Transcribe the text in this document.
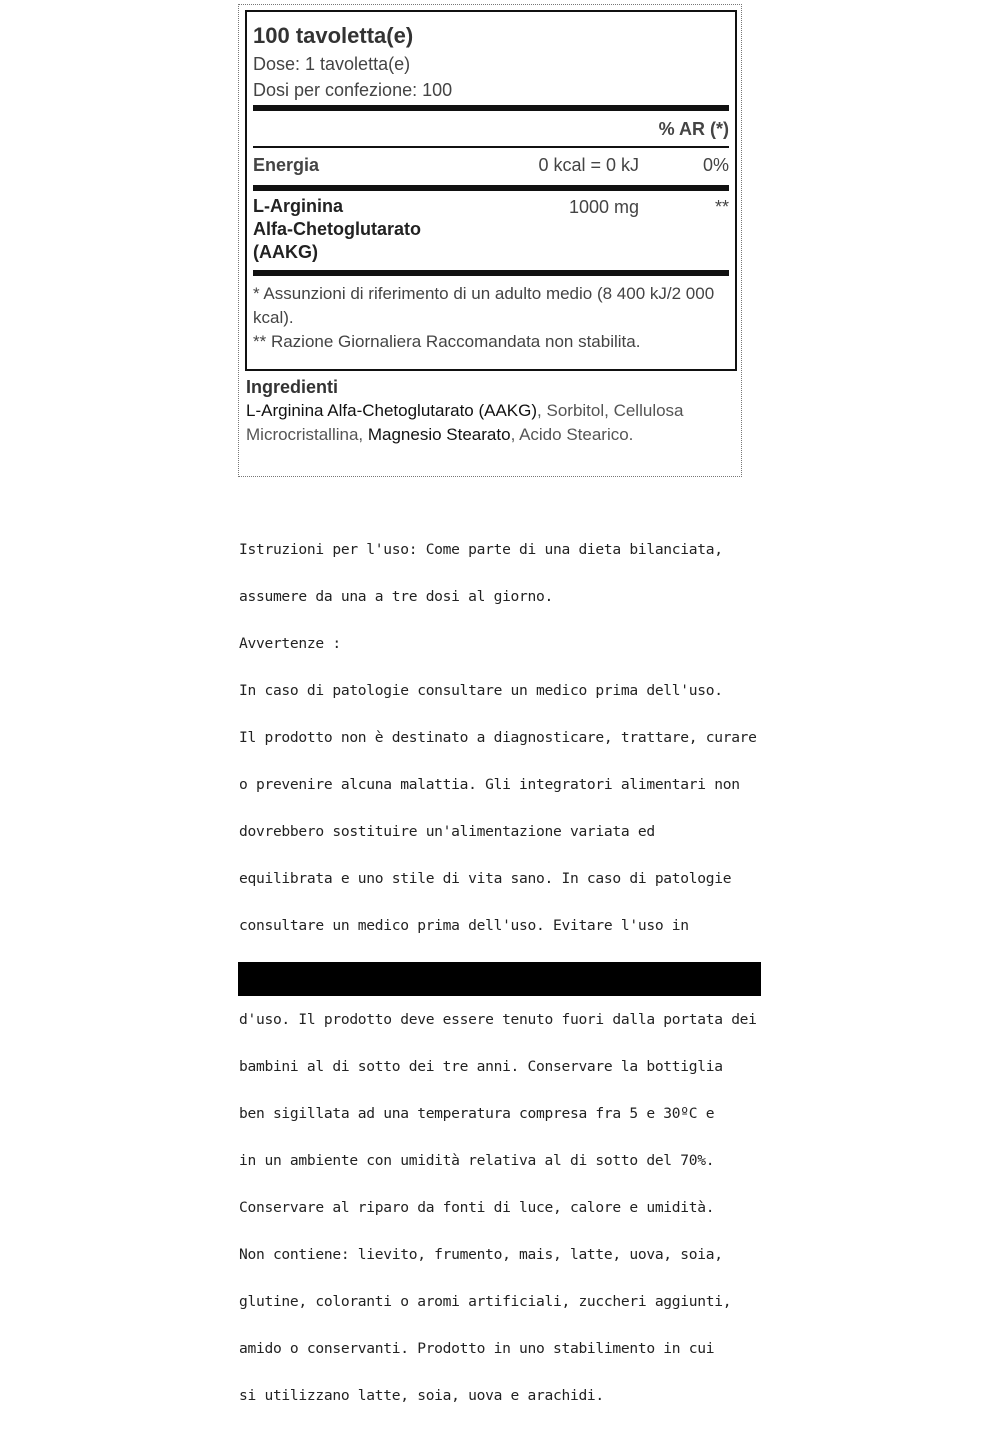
100 tavoletta(e)
Dose: 1 tavoletta(e)
Dosi per confezione: 100
% AR (*)
Energia	0 kcal = 0 kJ	0%
L-Arginina
Alfa-Chetoglutarato
(AAKG)
1000 mg	**
* Assunzioni di riferimento di un adulto medio (8 400 kJ/2 000 kcal).
** Razione Giornaliera Raccomandata non stabilita.
Ingredienti
L-Arginina Alfa-Chetoglutarato (AAKG), Sorbitol, Cellulosa Microcristallina, Magnesio Stearato, Acido Stearico.

Istruzioni per l'uso: Come parte di una dieta bilanciata,

assumere da una a tre dosi al giorno.

Avvertenze :

In caso di patologie consultare un medico prima dell'uso.

Il prodotto non è destinato a diagnosticare, trattare, curare

o prevenire alcuna malattia. Gli integratori alimentari non

dovrebbero sostituire un'alimentazione variata ed

equilibrata e uno stile di vita sano. In caso di patologie

consultare un medico prima dell'uso. Evitare l'uso in

d'uso. Il prodotto deve essere tenuto fuori dalla portata dei

bambini al di sotto dei tre anni. Conservare la bottiglia

ben sigillata ad una temperatura compresa fra 5 e 30ºC e

in un ambiente con umidità relativa al di sotto del 70%.

Conservare al riparo da fonti di luce, calore e umidità.

Non contiene: lievito, frumento, mais, latte, uova, soia,

glutine, coloranti o aromi artificiali, zuccheri aggiunti,

amido o conservanti. Prodotto in uno stabilimento in cui

si utilizzano latte, soia, uova e arachidi.
